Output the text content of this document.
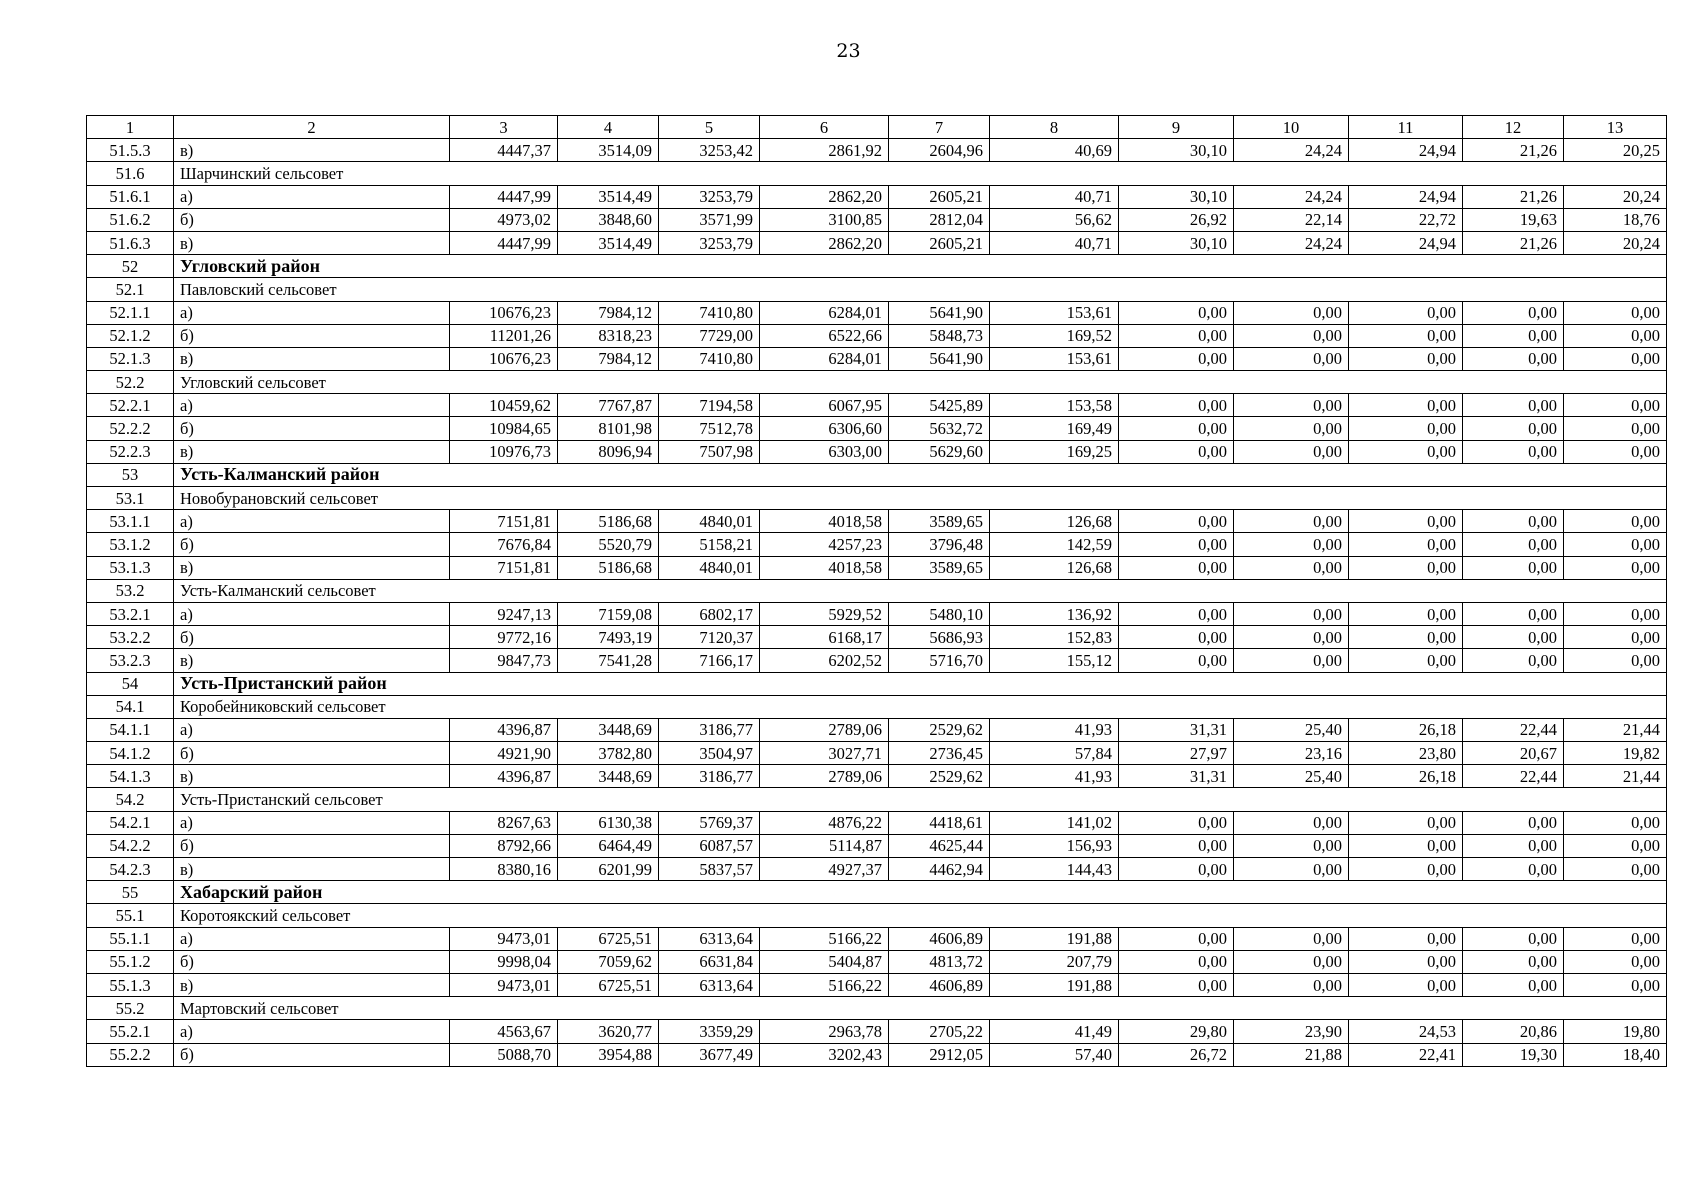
23
1	2	3	4	5	6	7	8	9	10	11	12	13
51.5.3	в)	4447,37	3514,09	3253,42	2861,92	2604,96	40,69	30,10	24,24	24,94	21,26	20,25
51.6	Шарчинский сельсовет											
51.6.1	а)	4447,99	3514,49	3253,79	2862,20	2605,21	40,71	30,10	24,24	24,94	21,26	20,24
51.6.2	б)	4973,02	3848,60	3571,99	3100,85	2812,04	56,62	26,92	22,14	22,72	19,63	18,76
51.6.3	в)	4447,99	3514,49	3253,79	2862,20	2605,21	40,71	30,10	24,24	24,94	21,26	20,24
52	Угловский район											
52.1	Павловский сельсовет											
52.1.1	а)	10676,23	7984,12	7410,80	6284,01	5641,90	153,61	0,00	0,00	0,00	0,00	0,00
52.1.2	б)	11201,26	8318,23	7729,00	6522,66	5848,73	169,52	0,00	0,00	0,00	0,00	0,00
52.1.3	в)	10676,23	7984,12	7410,80	6284,01	5641,90	153,61	0,00	0,00	0,00	0,00	0,00
52.2	Угловский сельсовет											
52.2.1	а)	10459,62	7767,87	7194,58	6067,95	5425,89	153,58	0,00	0,00	0,00	0,00	0,00
52.2.2	б)	10984,65	8101,98	7512,78	6306,60	5632,72	169,49	0,00	0,00	0,00	0,00	0,00
52.2.3	в)	10976,73	8096,94	7507,98	6303,00	5629,60	169,25	0,00	0,00	0,00	0,00	0,00
53	Усть-Калманский район											
53.1	Новобурановский сельсовет											
53.1.1	а)	7151,81	5186,68	4840,01	4018,58	3589,65	126,68	0,00	0,00	0,00	0,00	0,00
53.1.2	б)	7676,84	5520,79	5158,21	4257,23	3796,48	142,59	0,00	0,00	0,00	0,00	0,00
53.1.3	в)	7151,81	5186,68	4840,01	4018,58	3589,65	126,68	0,00	0,00	0,00	0,00	0,00
53.2	Усть-Калманский сельсовет											
53.2.1	а)	9247,13	7159,08	6802,17	5929,52	5480,10	136,92	0,00	0,00	0,00	0,00	0,00
53.2.2	б)	9772,16	7493,19	7120,37	6168,17	5686,93	152,83	0,00	0,00	0,00	0,00	0,00
53.2.3	в)	9847,73	7541,28	7166,17	6202,52	5716,70	155,12	0,00	0,00	0,00	0,00	0,00
54	Усть-Пристанский район											
54.1	Коробейниковский сельсовет											
54.1.1	а)	4396,87	3448,69	3186,77	2789,06	2529,62	41,93	31,31	25,40	26,18	22,44	21,44
54.1.2	б)	4921,90	3782,80	3504,97	3027,71	2736,45	57,84	27,97	23,16	23,80	20,67	19,82
54.1.3	в)	4396,87	3448,69	3186,77	2789,06	2529,62	41,93	31,31	25,40	26,18	22,44	21,44
54.2	Усть-Пристанский сельсовет											
54.2.1	а)	8267,63	6130,38	5769,37	4876,22	4418,61	141,02	0,00	0,00	0,00	0,00	0,00
54.2.2	б)	8792,66	6464,49	6087,57	5114,87	4625,44	156,93	0,00	0,00	0,00	0,00	0,00
54.2.3	в)	8380,16	6201,99	5837,57	4927,37	4462,94	144,43	0,00	0,00	0,00	0,00	0,00
55	Хабарский район											
55.1	Коротоякский сельсовет											
55.1.1	а)	9473,01	6725,51	6313,64	5166,22	4606,89	191,88	0,00	0,00	0,00	0,00	0,00
55.1.2	б)	9998,04	7059,62	6631,84	5404,87	4813,72	207,79	0,00	0,00	0,00	0,00	0,00
55.1.3	в)	9473,01	6725,51	6313,64	5166,22	4606,89	191,88	0,00	0,00	0,00	0,00	0,00
55.2	Мартовский сельсовет											
55.2.1	а)	4563,67	3620,77	3359,29	2963,78	2705,22	41,49	29,80	23,90	24,53	20,86	19,80
55.2.2	б)	5088,70	3954,88	3677,49	3202,43	2912,05	57,40	26,72	21,88	22,41	19,30	18,40
